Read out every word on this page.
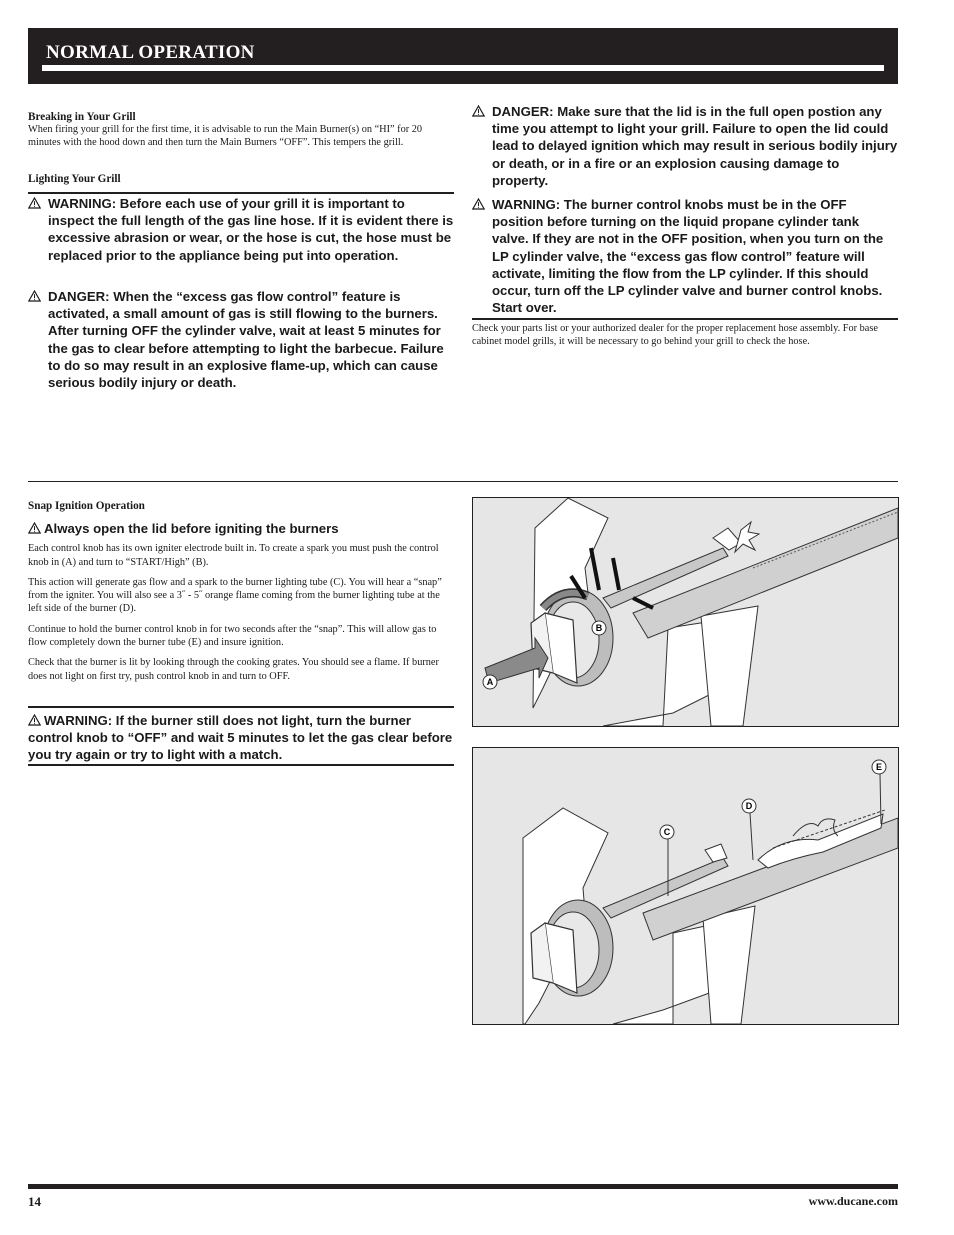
NORMAL OPERATION

Breaking in Your Grill

When firing your grill for the first time, it is advisable to run the Main Burner(s) on “HI” for 20 minutes with the hood down and then turn the Main Burners “OFF”. This tempers the grill.

Lighting Your Grill

WARNING: Before each use of your grill it is important to inspect the full length of the gas line hose. If it is evident there is excessive abrasion or wear, or the hose is cut, the hose must be replaced prior to the appliance being put into operation.

DANGER: When the “excess gas flow control” feature is activated, a small amount of gas is still flowing to the burners. After turning OFF the cylinder valve, wait at least 5 minutes for the gas to clear before attempting to light the barbecue. Failure to do so may result in an explosive flame-up, which can cause serious bodily injury or death.

DANGER: Make sure that the lid is in the full open postion any time you attempt to light your grill. Failure to open the lid could lead to delayed ignition which may result in serious bodily injury or death, or in a fire or an explosion causing damage to property.

WARNING: The burner control knobs must be in the OFF position before turning on the liquid propane cylinder tank valve. If they are not in the OFF position, when you turn on the LP cylinder valve, the “excess gas flow control” feature will activate, limiting the flow from the LP cylinder. If this should occur, turn off the LP cylinder valve and burner control knobs. Start over.

Check your parts list or your authorized dealer for the proper replacement hose assembly. For base cabinet model grills, it will be necessary to go behind your grill to check the hose.

Snap Ignition Operation

Always open the lid before igniting the burners

Each control knob has its own igniter electrode built in. To create a spark you must push the control knob in (A) and turn to “START/High” (B).

This action will generate gas flow and a spark to the burner lighting tube (C). You will hear a “snap” from the igniter. You will also see a 3˝ - 5˝ orange flame coming from the burner lighting tube at the left side of the burner (D).

Continue to hold the burner control knob in for two seconds after the “snap”. This will allow gas to flow completely down the burner tube (E) and insure ignition.

Check that the burner is lit by looking through the cooking grates. You should see a flame. If burner does not light on first try, push control knob in and turn to OFF.

WARNING: If the burner still does not light, turn the burner control knob to “OFF” and wait 5 minutes to let the gas clear before you try again or try to light with a match.

B
A
C
D
E
14	www.ducane.com
